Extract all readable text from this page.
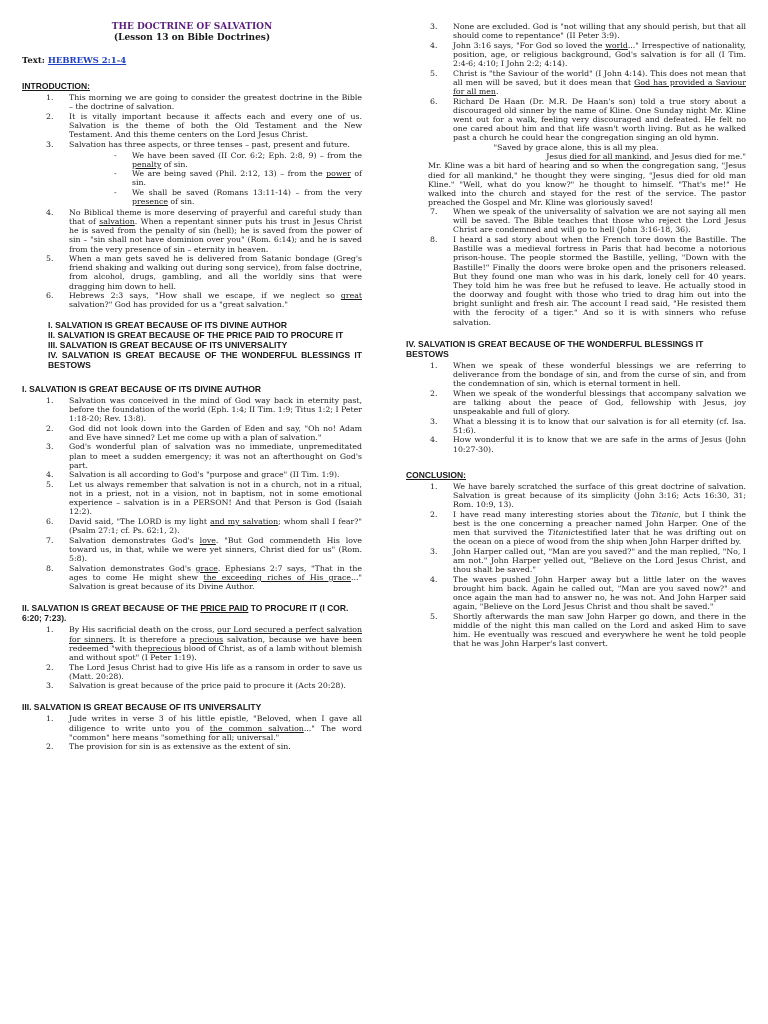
THE DOCTRINE OF SALVATION
(Lesson 13 on Bible Doctrines)
Text: HEBREWS 2:1-4
INTRODUCTION:
1. This morning we are going to consider the greatest doctrine in the Bible – the doctrine of salvation.
2. It is vitally important because it affects each and every one of us. Salvation is the theme of both the Old Testament and the New Testament. And this theme centers on the Lord Jesus Christ.
3. Salvation has three aspects, or three tenses – past, present and future.
- We have been saved (II Cor. 6:2; Eph. 2:8, 9) – from the penalty of sin.
- We are being saved (Phil. 2:12, 13) – from the power of sin.
- We shall be saved (Romans 13:11-14) – from the very presence of sin.
4. No Biblical theme is more deserving of prayerful and careful study than that of salvation. When a repentant sinner puts his trust in Jesus Christ he is saved from the penalty of sin (hell); he is saved from the power of sin – "sin shall not have dominion over you" (Rom. 6:14); and he is saved from the very presence of sin – eternity in heaven.
5. When a man gets saved he is delivered from Satanic bondage (Greg's friend shaking and walking out during song service), from false doctrine, from alcohol, drugs, gambling, and all the worldly sins that were dragging him down to hell.
6. Hebrews 2:3 says, "How shall we escape, if we neglect so great salvation?" God has provided for us a "great salvation."
I. SALVATION IS GREAT BECAUSE OF ITS DIVINE AUTHOR
II. SALVATION IS GREAT BECAUSE OF THE PRICE PAID TO PROCURE IT
III. SALVATION IS GREAT BECAUSE OF ITS UNIVERSALITY
IV. SALVATION IS GREAT BECAUSE OF THE WONDERFUL BLESSINGS IT BESTOWS
I. SALVATION IS GREAT BECAUSE OF ITS DIVINE AUTHOR
1. Salvation was conceived in the mind of God way back in eternity past, before the foundation of the world (Eph. 1:4; II Tim. 1:9; Titus 1:2; I Peter 1:18-20; Rev. 13:8).
2. God did not look down into the Garden of Eden and say, "Oh no! Adam and Eve have sinned? Let me come up with a plan of salvation."
3. God's wonderful plan of salvation was no immediate, unpremeditated plan to meet a sudden emergency; it was not an afterthought on God's part.
4. Salvation is all according to God's "purpose and grace" (II Tim. 1:9).
5. Let us always remember that salvation is not in a church, not in a ritual, not in a priest, not in a vision, not in baptism, not in some emotional experience – salvation is in a PERSON! And that Person is God (Isaiah 12:2).
6. David said, "The LORD is my light and my salvation; whom shall I fear?" (Psalm 27:1; cf. Ps. 62:1, 2).
7. Salvation demonstrates God's love. "But God commendeth His love toward us, in that, while we were yet sinners, Christ died for us" (Rom. 5:8).
8. Salvation demonstrates God's grace. Ephesians 2:7 says, "That in the ages to come He might shew the exceeding riches of His grace..." Salvation is great because of its Divine Author.
II. SALVATION IS GREAT BECAUSE OF THE PRICE PAID TO PROCURE IT (I COR. 6:20; 7:23).
1. By His sacrificial death on the cross, our Lord secured a perfect salvation for sinners. It is therefore a precious salvation, because we have been redeemed "with theprecious blood of Christ, as of a lamb without blemish and without spot" (I Peter 1:19).
2. The Lord Jesus Christ had to give His life as a ransom in order to save us (Matt. 20:28).
3. Salvation is great because of the price paid to procure it (Acts 20:28).
III. SALVATION IS GREAT BECAUSE OF ITS UNIVERSALITY
1. Jude writes in verse 3 of his little epistle, "Beloved, when I gave all diligence to write unto you of the common salvation..." The word "common" here means "something for all; universal."
2. The provision for sin is as extensive as the extent of sin.
3. None are excluded. God is "not willing that any should perish, but that all should come to repentance" (II Peter 3:9).
4. John 3:16 says, "For God so loved the world..." Irrespective of nationality, position, age, or religious background, God's salvation is for all (I Tim. 2:4-6; 4:10; I John 2:2; 4:14).
5. Christ is "the Saviour of the world" (I John 4:14). This does not mean that all men will be saved, but it does mean that God has provided a Saviour for all men.
6. Richard De Haan (Dr. M.R. De Haan's son) told a true story about a discouraged old sinner by the name of Kline. One Sunday night Mr. Kline went out for a walk, feeling very discouraged and defeated. He felt no one cared about him and that life wasn't worth living. But as he walked past a church he could hear the congregation singing an old hymn.
"Saved by grace alone, this is all my plea.
Jesus died for all mankind, and Jesus died for me."
Mr. Kline was a bit hard of hearing and so when the congregation sang, "Jesus died for all mankind," he thought they were singing, "Jesus died for old man Kline." "Well, what do you know?" he thought to himself. "That's me!" He walked into the church and stayed for the rest of the service. The pastor preached the Gospel and Mr. Kline was gloriously saved!
7. When we speak of the universality of salvation we are not saying all men will be saved. The Bible teaches that those who reject the Lord Jesus Christ are condemned and will go to hell (John 3:16-18, 36).
8. I heard a sad story about when the French tore down the Bastille. The Bastille was a medieval fortress in Paris that had become a notorious prison-house. The people stormed the Bastille, yelling, "Down with the Bastille!" Finally the doors were broke open and the prisoners released. But they found one man who was in his dark, lonely cell for 40 years. They told him he was free but he refused to leave. He actually stood in the doorway and fought with those who tried to drag him out into the bright sunlight and fresh air. The account I read said, "He resisted them with the ferocity of a tiger." And so it is with sinners who refuse salvation.
IV. SALVATION IS GREAT BECAUSE OF THE WONDERFUL BLESSINGS IT BESTOWS
1. When we speak of these wonderful blessings we are referring to deliverance from the bondage of sin, and from the curse of sin, and from the condemnation of sin, which is eternal torment in hell.
2. When we speak of the wonderful blessings that accompany salvation we are talking about the peace of God, fellowship with Jesus, joy unspeakable and full of glory.
3. What a blessing it is to know that our salvation is for all eternity (cf. Isa. 51:6).
4. How wonderful it is to know that we are safe in the arms of Jesus (John 10:27-30).
CONCLUSION:
1. We have barely scratched the surface of this great doctrine of salvation. Salvation is great because of its simplicity (John 3:16; Acts 16:30, 31; Rom. 10:9, 13).
2. I have read many interesting stories about the Titanic, but I think the best is the one concerning a preacher named John Harper. One of the men that survived the Titanictestified later that he was drifting out on the ocean on a piece of wood from the ship when John Harper drifted by.
3. John Harper called out, "Man are you saved?" and the man replied, "No, I am not." John Harper yelled out, "Believe on the Lord Jesus Christ, and thou shalt be saved."
4. The waves pushed John Harper away but a little later on the waves brought him back. Again he called out, "Man are you saved now?" and once again the man had to answer no, he was not. And John Harper said again, "Believe on the Lord Jesus Christ and thou shalt be saved."
5. Shortly afterwards the man saw John Harper go down, and there in the middle of the night this man called on the Lord and asked Him to save him. He eventually was rescued and everywhere he went he told people that he was John Harper's last convert.
